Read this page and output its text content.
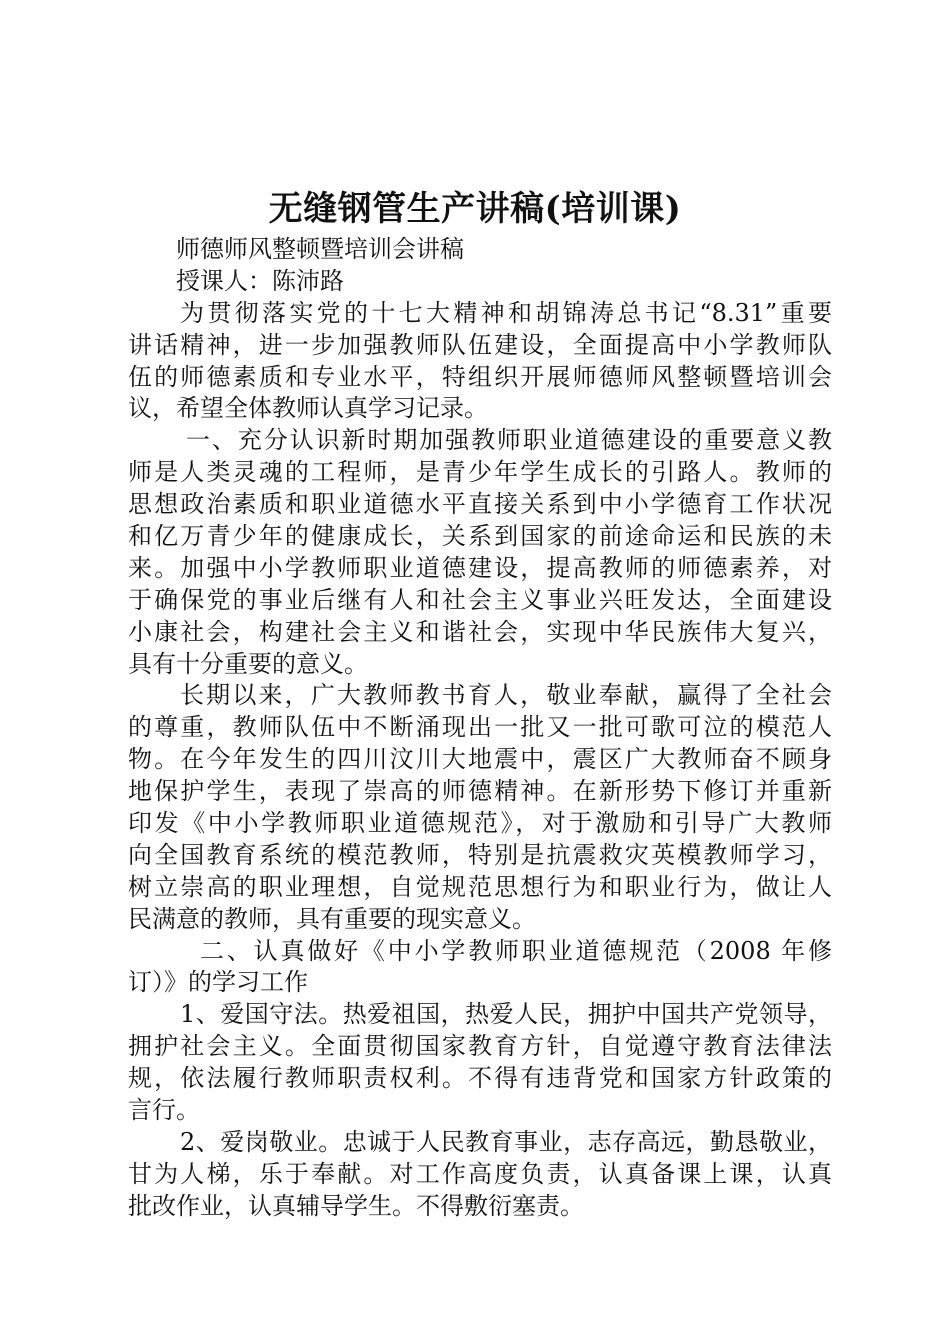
无缝钢管生产讲稿(培训课)
师德师风整顿暨培训会讲稿
授课人：陈沛路
为贯彻落实党的十七大精神和胡锦涛总书记“8.31”重要
讲话精神，进一步加强教师队伍建设，全面提高中小学教师队
伍的师德素质和专业水平，特组织开展师德师风整顿暨培训会
议，希望全体教师认真学习记录。
一、充分认识新时期加强教师职业道德建设的重要意义教
师是人类灵魂的工程师，是青少年学生成长的引路人。教师的
思想政治素质和职业道德水平直接关系到中小学德育工作状况
和亿万青少年的健康成长，关系到国家的前途命运和民族的未
来。加强中小学教师职业道德建设，提高教师的师德素养，对
于确保党的事业后继有人和社会主义事业兴旺发达，全面建设
小康社会，构建社会主义和谐社会，实现中华民族伟大复兴，
具有十分重要的意义。
长期以来，广大教师教书育人，敬业奉献，赢得了全社会
的尊重，教师队伍中不断涌现出一批又一批可歌可泣的模范人
物。在今年发生的四川汶川大地震中，震区广大教师奋不顾身
地保护学生，表现了崇高的师德精神。在新形势下修订并重新
印发《中小学教师职业道德规范》，对于激励和引导广大教师
向全国教育系统的模范教师，特别是抗震救灾英模教师学习，
树立崇高的职业理想，自觉规范思想行为和职业行为，做让人
民满意的教师，具有重要的现实意义。
二、认真做好《中小学教师职业道德规范（2008 年修
订）》的学习工作
1、爱国守法。热爱祖国，热爱人民，拥护中国共产党领导，
拥护社会主义。全面贯彻国家教育方针，自觉遵守教育法律法
规，依法履行教师职责权利。不得有违背党和国家方针政策的
言行。
2、爱岗敬业。忠诚于人民教育事业，志存高远，勤恳敬业，
甘为人梯，乐于奉献。对工作高度负责，认真备课上课，认真
批改作业，认真辅导学生。不得敷衍塞责。
